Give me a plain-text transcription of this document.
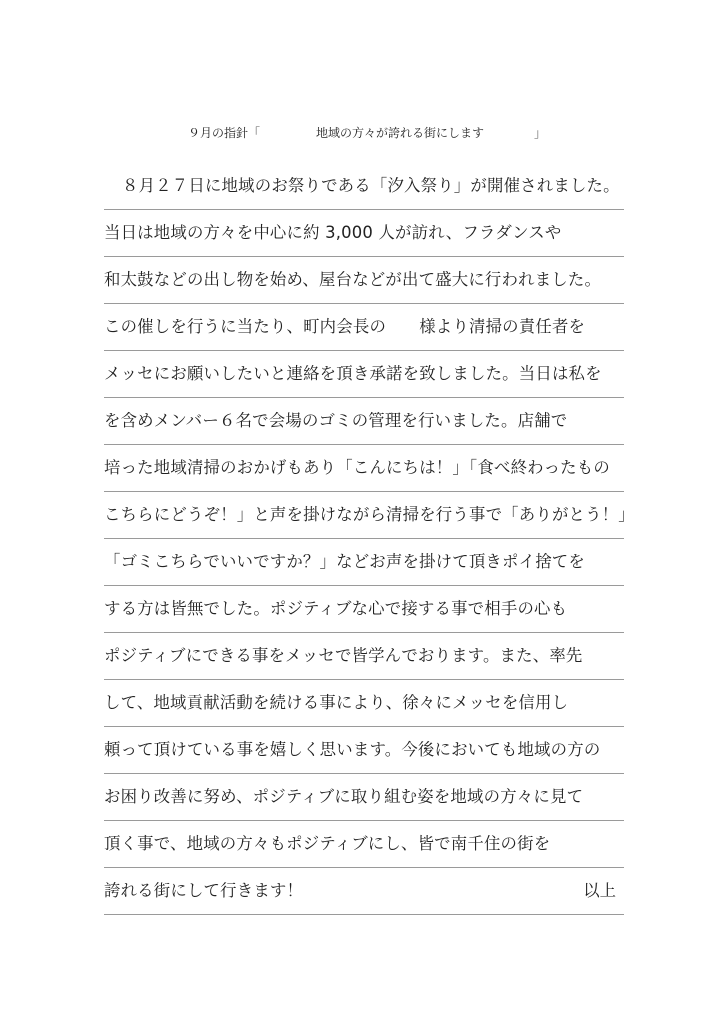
９月の指針「	地域の方々が誇れる街にします	」
８月２７日に地域のお祭りである「汐入祭り」が開催されました。
当日は地域の方々を中心に約 3,000 人が訪れ、フラダンスや
和太鼓などの出し物を始め、屋台などが出て盛大に行われました。
この催しを行うに当たり、町内会長の　　様より清掃の責任者を
メッセにお願いしたいと連絡を頂き承諾を致しました。当日は私を
を含めメンバー６名で会場のゴミの管理を行いました。店舗で
培った地域清掃のおかげもあり「こんにちは！」「食べ終わったもの
こちらにどうぞ！」と声を掛けながら清掃を行う事で「ありがとう！」
「ゴミこちらでいいですか？」などお声を掛けて頂きポイ捨てを
する方は皆無でした。ポジティブな心で接する事で相手の心も
ポジティブにできる事をメッセで皆学んでおります。また、率先
して、地域貢献活動を続ける事により、徐々にメッセを信用し
頼って頂けている事を嬉しく思います。今後においても地域の方の
お困り改善に努め、ポジティブに取り組む姿を地域の方々に見て
頂く事で、地域の方々もポジティブにし、皆で南千住の街を
誇れる街にして行きます！	以上
